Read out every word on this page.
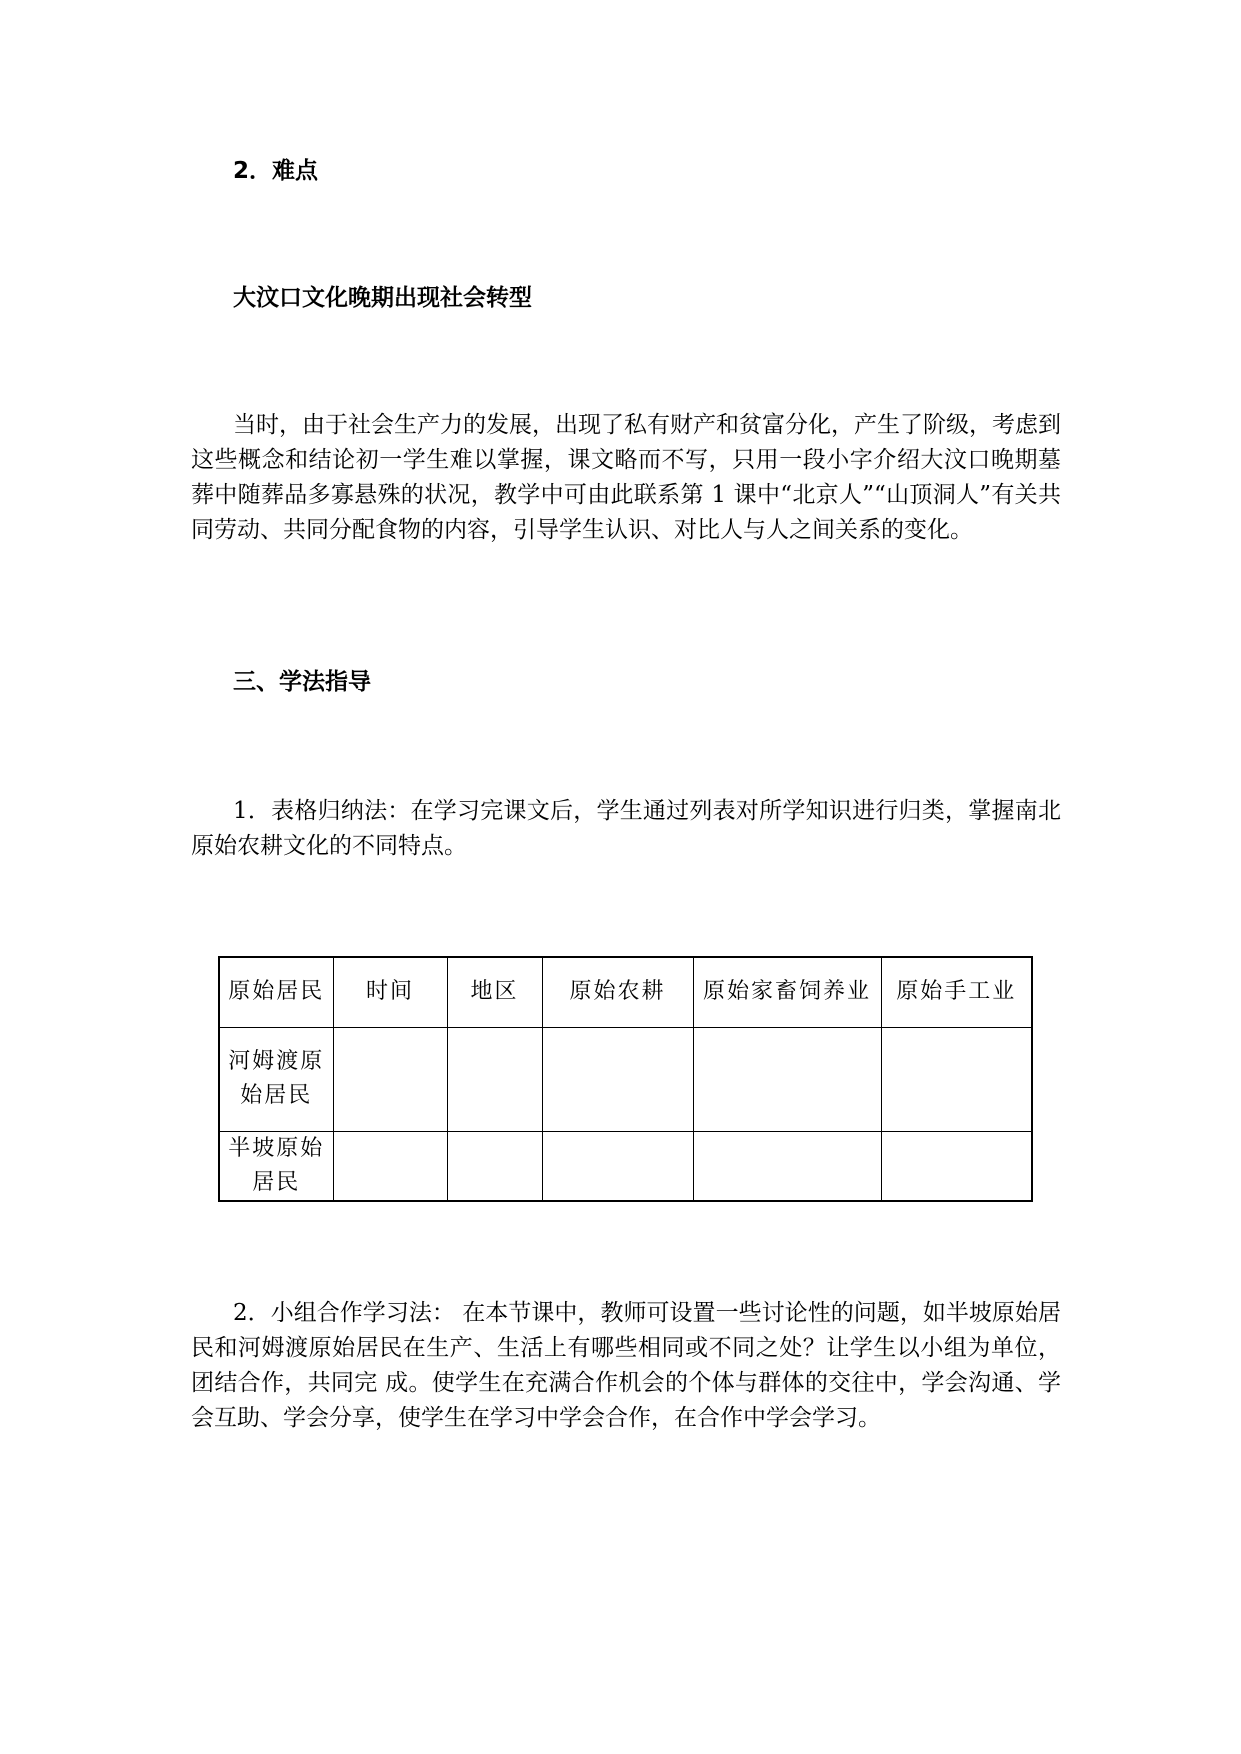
2．难点
大汶口文化晚期出现社会转型

当时，由于社会生产力的发展，出现了私有财产和贫富分化，产生了阶级，考虑到这些概念和结论初一学生难以掌握，课文略而不写，只用一段小字介绍大汶口晚期墓葬中随葬品多寡悬殊的状况，教学中可由此联系第 1 课中“北京人”“山顶洞人”有关共同劳动、共同分配食物的内容，引导学生认识、对比人与人之间关系的变化。

三、学法指导

1．表格归纳法：在学习完课文后，学生通过列表对所学知识进行归类，掌握南北原始农耕文化的不同特点。

原始居民	时间	地区	原始农耕	原始家畜饲养业	原始手工业
河姆渡原始居民					
半坡原始居民					

2．小组合作学习法： 在本节课中，教师可设置一些讨论性的问题，如半坡原始居民和河姆渡原始居民在生产、生活上有哪些相同或不同之处？让学生以小组为单位，团结合作，共同完 成。使学生在充满合作机会的个体与群体的交往中，学会沟通、学会互助、学会分享，使学生在学习中学会合作，在合作中学会学习。
